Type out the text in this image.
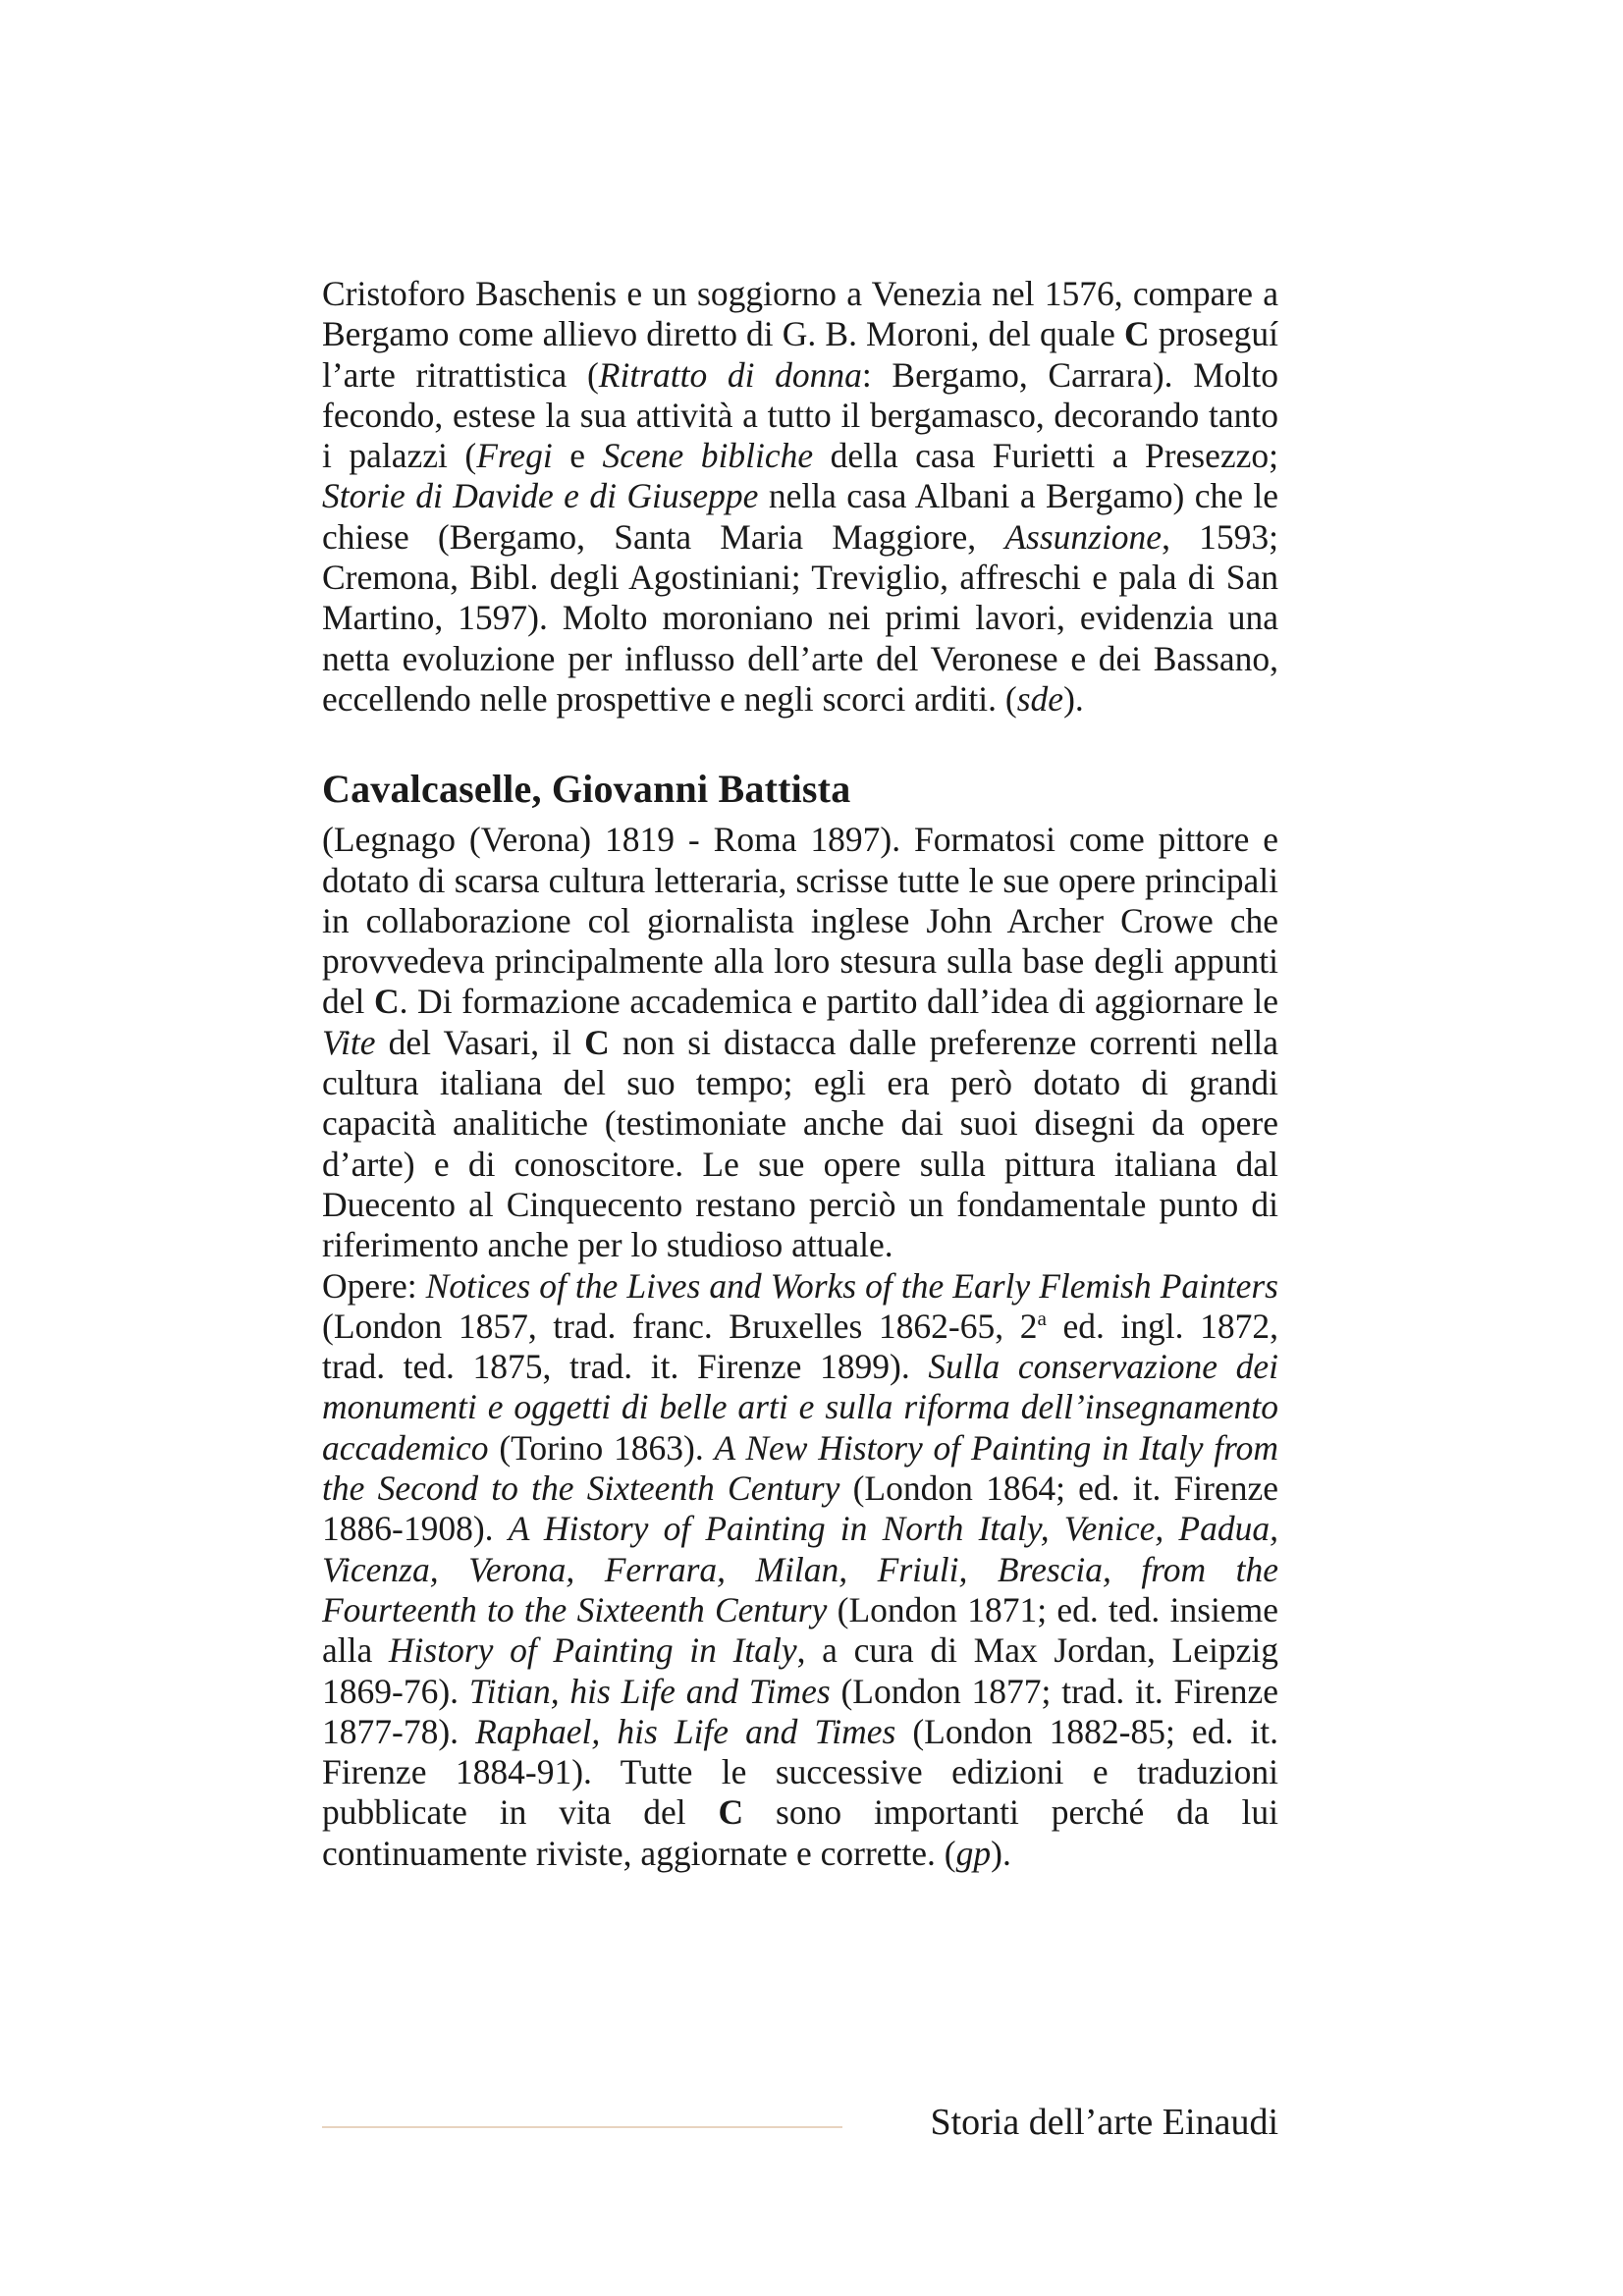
Cristoforo Baschenis e un soggiorno a Venezia nel 1576, compare a Bergamo come allievo diretto di G. B. Moroni, del quale C proseguí l’arte ritrattistica (Ritratto di donna: Bergamo, Carrara). Molto fecondo, estese la sua attività a tutto il bergamasco, decorando tanto i palazzi (Fregi e Scene bibliche della casa Furietti a Presezzo; Storie di Davide e di Giuseppe nella casa Albani a Bergamo) che le chiese (Bergamo, Santa Maria Maggiore, Assunzione, 1593; Cremona, Bibl. degli Agostiniani; Treviglio, affreschi e pala di San Martino, 1597). Molto moroniano nei primi lavori, evidenzia una netta evoluzione per influsso dell’arte del Veronese e dei Bassano, eccellendo nelle prospettive e negli scorci arditi. (sde).

Cavalcaselle, Giovanni Battista

(Legnago (Verona) 1819 - Roma 1897). Formatosi come pittore e dotato di scarsa cultura letteraria, scrisse tutte le sue opere principali in collaborazione col giornalista inglese John Archer Crowe che provvedeva principalmente alla loro stesura sulla base degli appunti del C. Di formazione accademica e partito dall’idea di aggiornare le Vite del Vasari, il C non si distacca dalle preferenze correnti nella cultura italiana del suo tempo; egli era però dotato di grandi capacità analitiche (testimoniate anche dai suoi disegni da opere d’arte) e di conoscitore. Le sue opere sulla pittura italiana dal Duecento al Cinquecento restano perciò un fondamentale punto di riferimento anche per lo studioso attuale.

Opere: Notices of the Lives and Works of the Early Flemish Painters (London 1857, trad. franc. Bruxelles 1862-65, 2$^a$ ed. ingl. 1872, trad. ted. 1875, trad. it. Firenze 1899). Sulla conservazione dei monumenti e oggetti di belle arti e sulla riforma dell’insegnamento accademico (Torino 1863). A New History of Painting in Italy from the Second to the Sixteenth Century (London 1864; ed. it. Firenze 1886-1908). A History of Painting in North Italy, Venice, Padua, Vicenza, Verona, Ferrara, Milan, Friuli, Brescia, from the Fourteenth to the Sixteenth Century (London 1871; ed. ted. insieme alla History of Painting in Italy, a cura di Max Jordan, Leipzig 1869-76). Titian, his Life and Times (London 1877; trad. it. Firenze 1877-78). Raphael, his Life and Times (London 1882-85; ed. it. Firenze 1884-91). Tutte le successive edizioni e traduzioni pubblicate in vita del C sono importanti perché da lui continuamente riviste, aggiornate e corrette. (gp).

Storia dell’arte Einaudi
